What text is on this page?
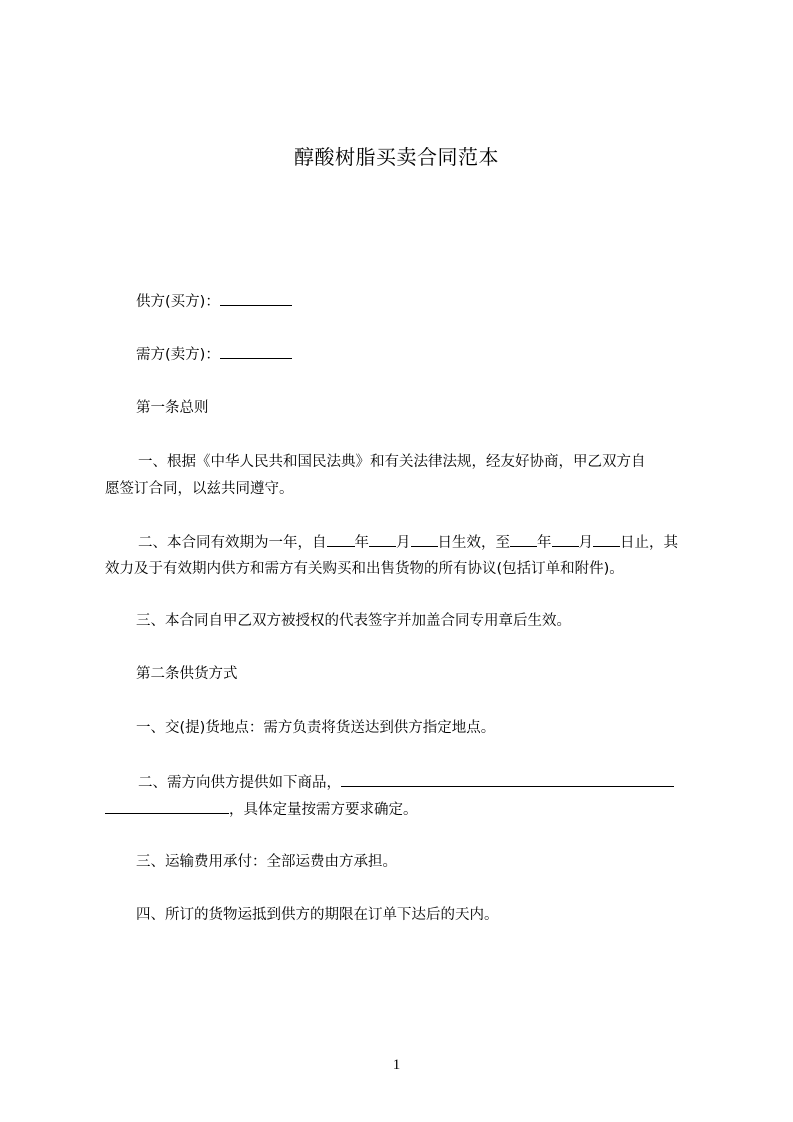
醇酸树脂买卖合同范本
供方(买方)：
需方(卖方)：
第一条总则
一、根据《中华人民共和国民法典》和有关法律法规，经友好协商，甲乙双方自
愿签订合同，以兹共同遵守。
二、本合同有效期为一年，自 年 月 日生效，至 年 月 日止，其
效力及于有效期内供方和需方有关购买和出售货物的所有协议(包括订单和附件)。
三、本合同自甲乙双方被授权的代表签字并加盖合同专用章后生效。
第二条供货方式
一、交(提)货地点：需方负责将货送达到供方指定地点。
二、需方向供方提供如下商品，
，具体定量按需方要求确定。
三、运输费用承付：全部运费由方承担。
四、所订的货物运抵到供方的期限在订单下达后的天内。
1
